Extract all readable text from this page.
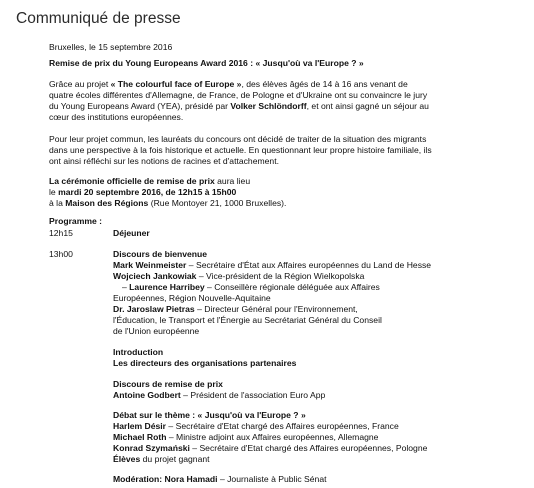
Communiqué de presse
Bruxelles, le 15 septembre 2016
Remise de prix du Young Europeans Award 2016 : « Jusqu'où va l'Europe ? »
Grâce au projet « The colourful face of Europe », des élèves âgés de 14 à 16 ans venant de
quatre écoles différentes d'Allemagne, de France, de Pologne et d'Ukraine ont su convaincre le jury
du Young Europeans Award (YEA), présidé par Volker Schlöndorff, et ont ainsi gagné un séjour au
cœur des institutions européennes.
Pour leur projet commun, les lauréats du concours ont décidé de traiter de la situation des migrants
dans une perspective à la fois historique et actuelle. En questionnant leur propre histoire familiale, ils
ont ainsi réfléchi sur les notions de racines et d'attachement.
La cérémonie officielle de remise de prix aura lieu
le mardi 20 septembre 2016, de 12h15 à 15h00
à la Maison des Régions (Rue Montoyer 21, 1000 Bruxelles).
Programme :
12h15	Déjeuner
13h00	Discours de bienvenue
Mark Weinmeister – Secrétaire d'État aux Affaires européennes du Land de Hesse
Wojciech Jankowiak – Vice-président de la Région Wielkopolska
– Laurence Harribey – Conseillère régionale déléguée aux Affaires
Européennes, Région Nouvelle-Aquitaine
Dr. Jaroslaw Pietras – Directeur Général pour l'Environnement,
l'Éducation, le Transport et l'Énergie au Secrétariat Général du Conseil
de l'Union européenne
Introduction
Les directeurs des organisations partenaires
Discours de remise de prix
Antoine Godbert – Président de l'association Euro App
Débat sur le thème : « Jusqu'où va l'Europe ? »
Harlem Désir – Secrétaire d'Etat chargé des Affaires européennes, France
Michael Roth – Ministre adjoint aux Affaires européennes, Allemagne
Konrad Szymański – Secrétaire d'Etat chargé des Affaires européennes, Pologne
Élèves du projet gagnant
Modération: Nora Hamadi – Journaliste à Public Sénat
